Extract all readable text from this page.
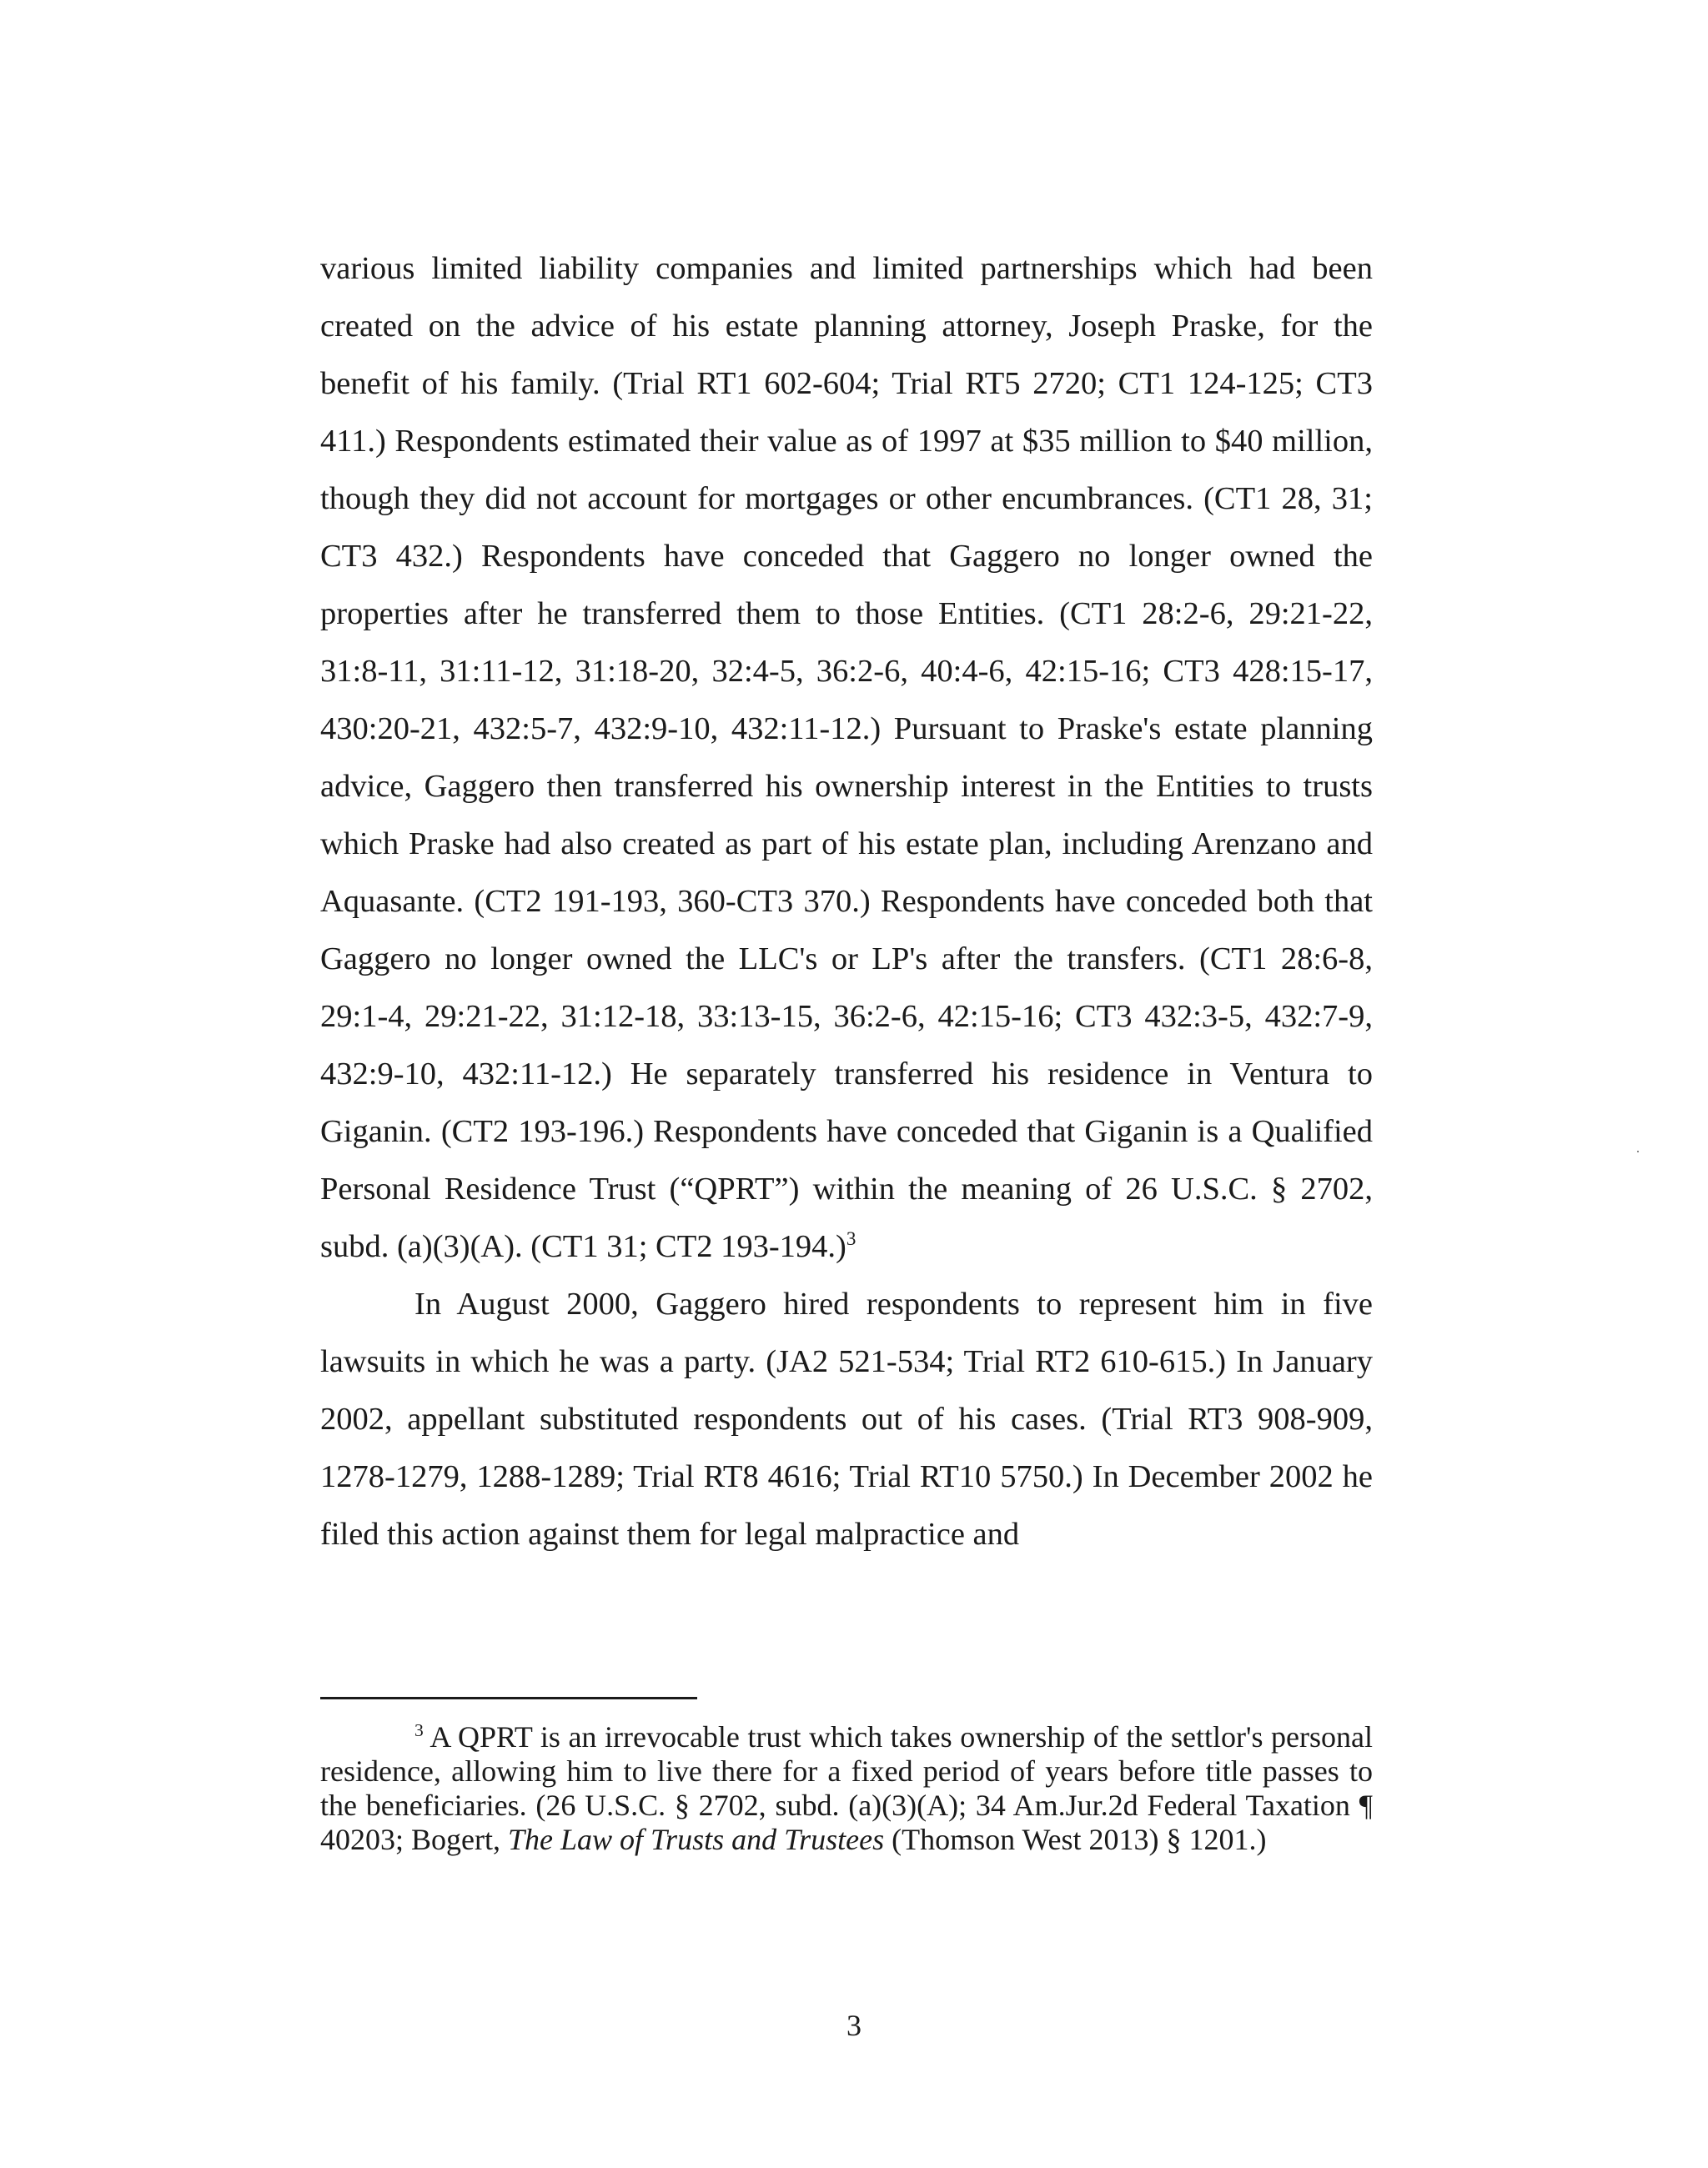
various limited liability companies and limited partnerships which had been created on the advice of his estate planning attorney, Joseph Praske, for the benefit of his family. (Trial RT1 602-604; Trial RT5 2720; CT1 124-125; CT3 411.) Respondents estimated their value as of 1997 at $35 million to $40 million, though they did not account for mortgages or other encumbrances. (CT1 28, 31; CT3 432.) Respondents have conceded that Gaggero no longer owned the properties after he transferred them to those Entities. (CT1 28:2-6, 29:21-22, 31:8-11, 31:11-12, 31:18-20, 32:4-5, 36:2-6, 40:4-6, 42:15-16; CT3 428:15-17, 430:20-21, 432:5-7, 432:9-10, 432:11-12.) Pursuant to Praske's estate planning advice, Gaggero then transferred his ownership interest in the Entities to trusts which Praske had also created as part of his estate plan, including Arenzano and Aquasante. (CT2 191-193, 360-CT3 370.) Respondents have conceded both that Gaggero no longer owned the LLC's or LP's after the transfers. (CT1 28:6-8, 29:1-4, 29:21-22, 31:12-18, 33:13-15, 36:2-6, 42:15-16; CT3 432:3-5, 432:7-9, 432:9-10, 432:11-12.) He separately transferred his residence in Ventura to Giganin. (CT2 193-196.) Respondents have conceded that Giganin is a Qualified Personal Residence Trust (“QPRT”) within the meaning of 26 U.S.C. § 2702, subd. (a)(3)(A). (CT1 31; CT2 193-194.)$^3$

In August 2000, Gaggero hired respondents to represent him in five lawsuits in which he was a party. (JA2 521-534; Trial RT2 610-615.) In January 2002, appellant substituted respondents out of his cases. (Trial RT3 908-909, 1278-1279, 1288-1289; Trial RT8 4616; Trial RT10 5750.) In December 2002 he filed this action against them for legal malpractice and

$^3$ A QPRT is an irrevocable trust which takes ownership of the settlor's personal residence, allowing him to live there for a fixed period of years before title passes to the beneficiaries. (26 U.S.C. § 2702, subd. (a)(3)(A); 34 Am.Jur.2d Federal Taxation ¶ 40203; Bogert, The Law of Trusts and Trustees (Thomson West 2013) § 1201.)

3
